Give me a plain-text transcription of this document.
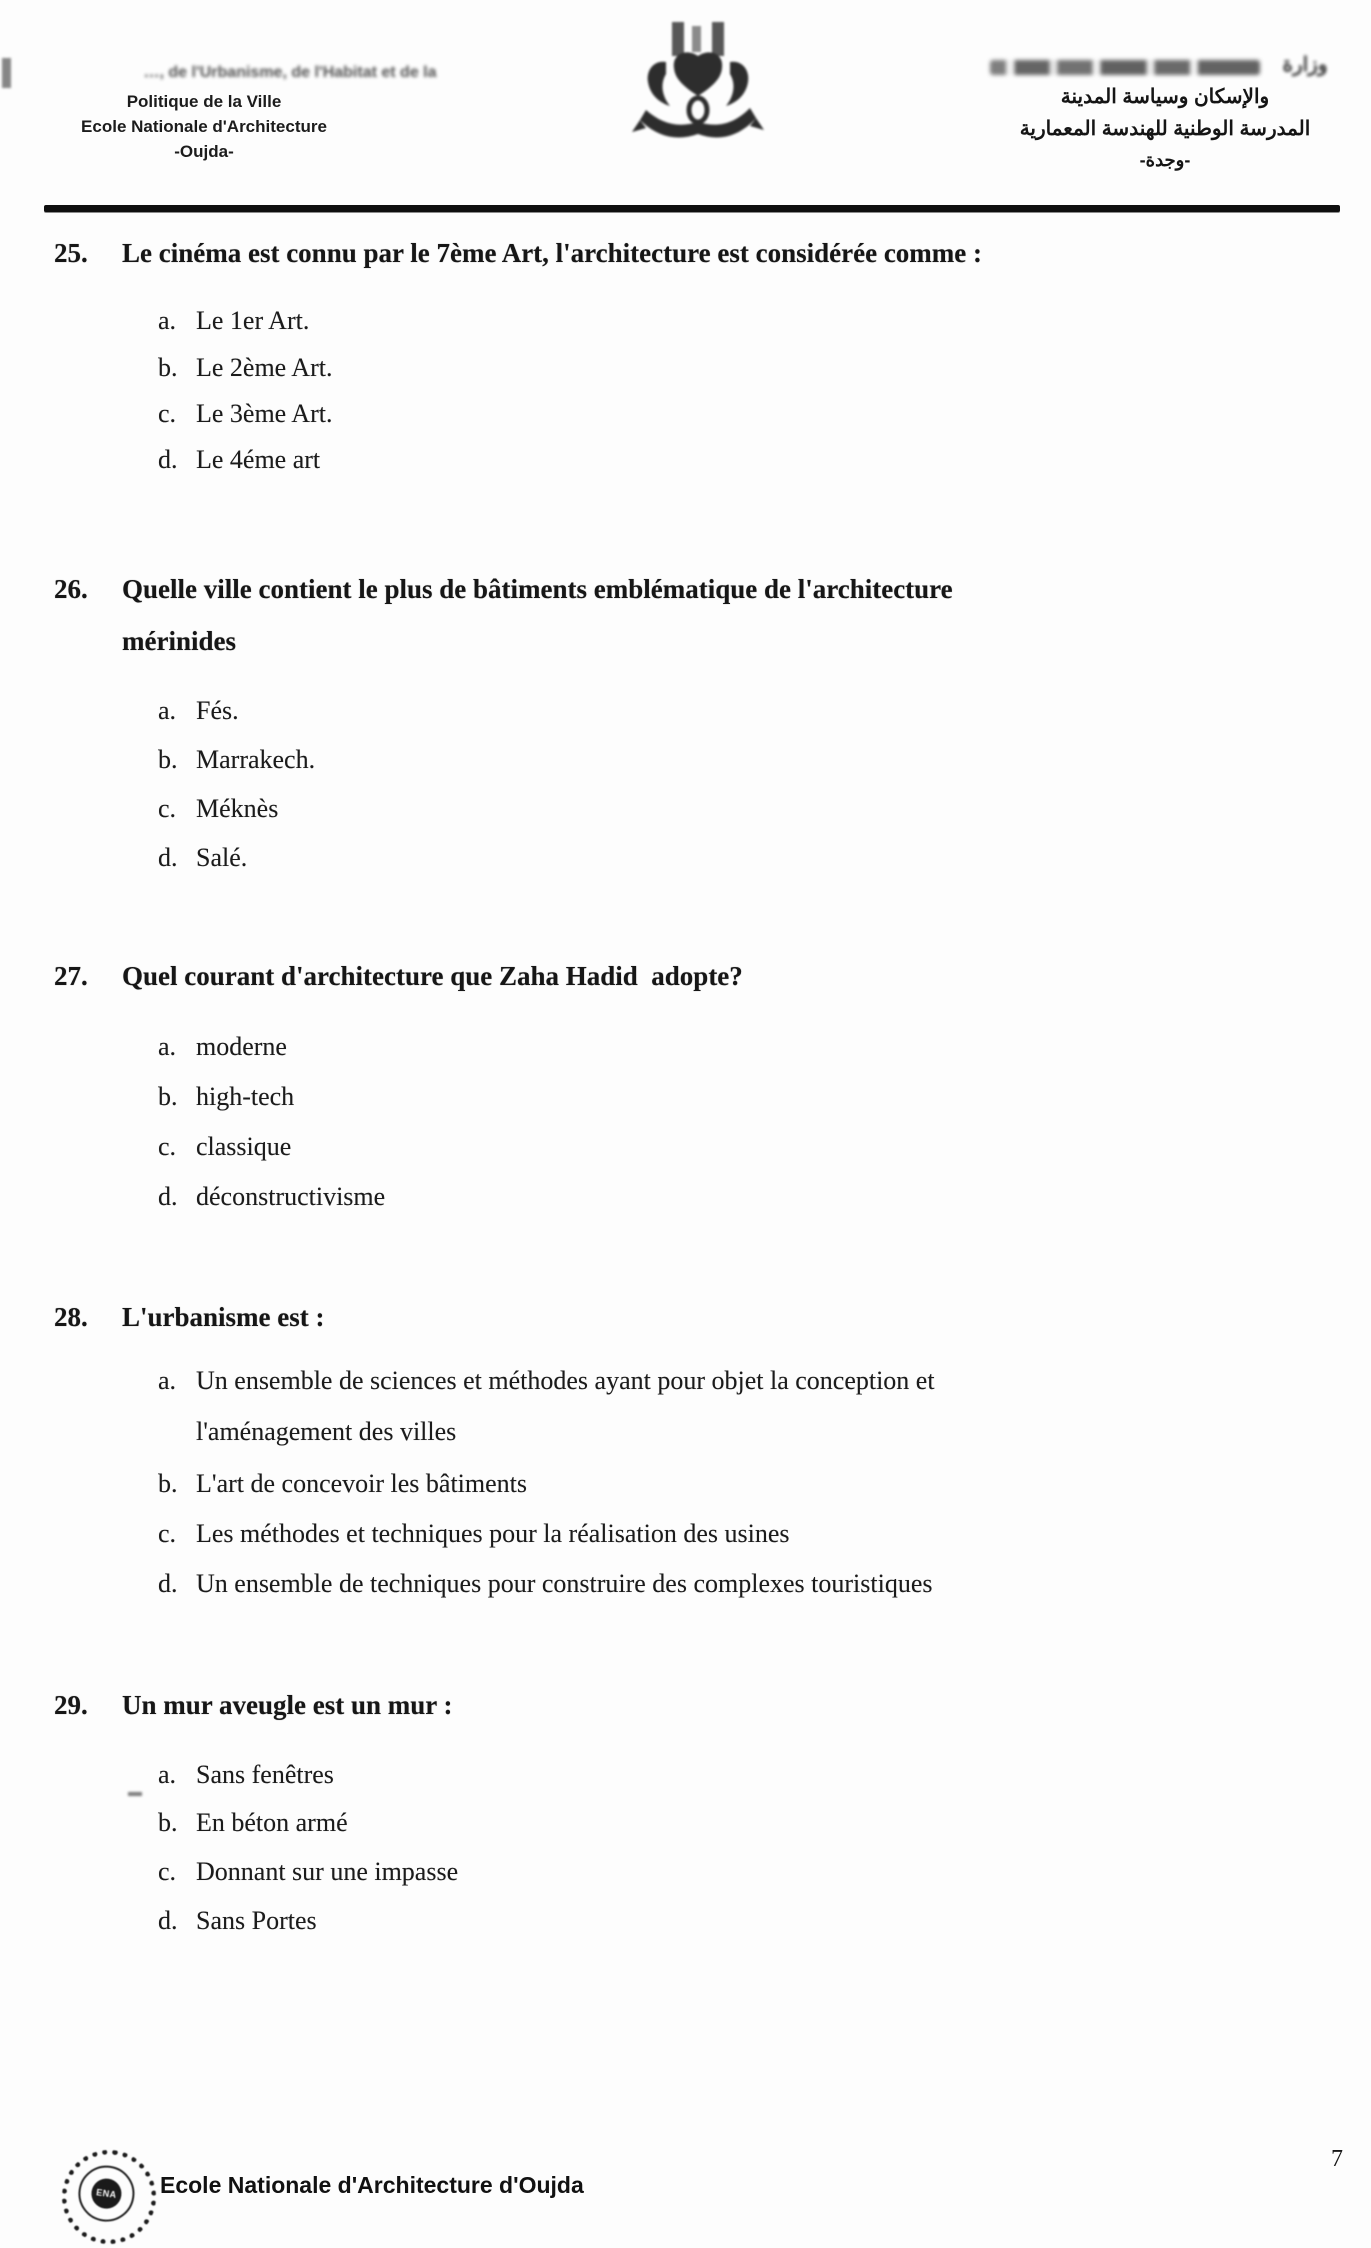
…, de l'Urbanisme, de l'Habitat et de la
Politique de la Ville
Ecole Nationale d'Architecture
-Oujda-
وزارة
والإسكان وسياسة المدينة
المدرسة الوطنية للهندسة المعمارية
-وجدة-
25. Le cinéma est connu par le 7ème Art, l'architecture est considérée comme :
a. Le 1er Art.
b. Le 2ème Art.
c. Le 3ème Art.
d. Le 4éme art
26. Quelle ville contient le plus de bâtiments emblématique de l'architecture
mérinides
a. Fés.
b. Marrakech.
c. Méknès
d. Salé.
27. Quel courant d'architecture que Zaha Hadid  adopte?
a. moderne
b. high-tech
c. classique
d. déconstructivisme
28. L'urbanisme est :
a. Un ensemble de sciences et méthodes ayant pour objet la conception et
l'aménagement des villes
b. L'art de concevoir les bâtiments
c. Les méthodes et techniques pour la réalisation des usines
d. Un ensemble de techniques pour construire des complexes touristiques
29. Un mur aveugle est un mur :
a. Sans fenêtres
b. En béton armé
c. Donnant sur une impasse
d. Sans Portes
7
ENA Ecole Nationale d'Architecture d'Oujda
